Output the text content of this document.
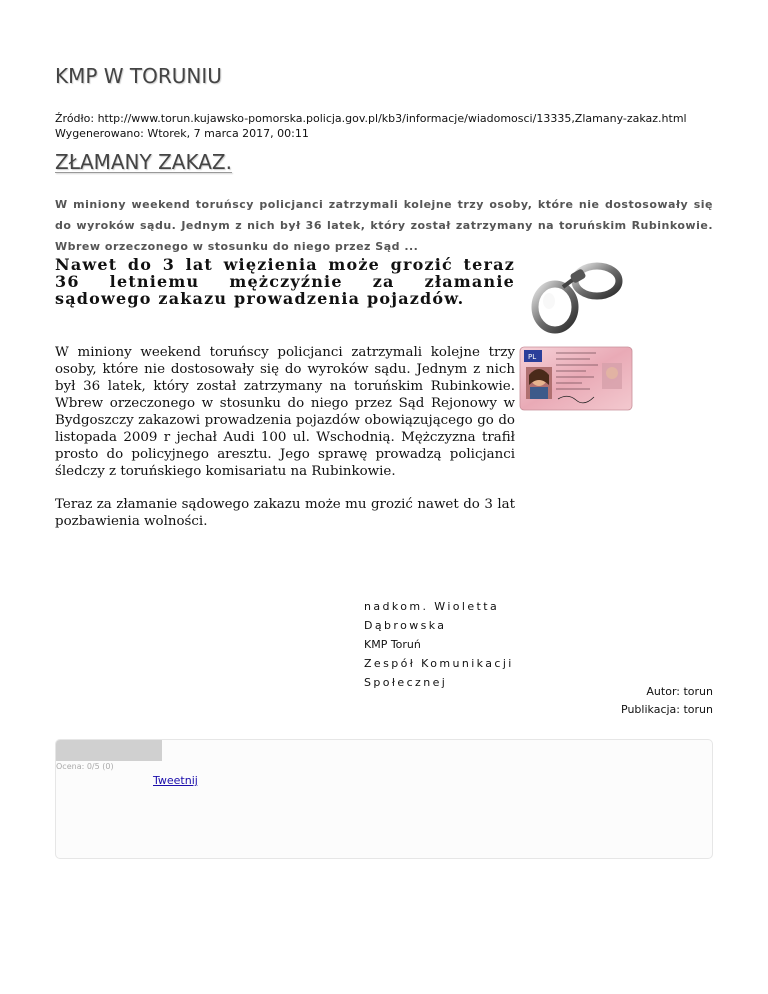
KMP W TORUNIU
Źródło: http://www.torun.kujawsko-pomorska.policja.gov.pl/kb3/informacje/wiadomosci/13335,Zlamany-zakaz.html
Wygenerowano: Wtorek, 7 marca 2017, 00:11
ZŁAMANY ZAKAZ.
W miniony weekend toruńscy policjanci zatrzymali kolejne trzy osoby, które nie dostosowały się do wyroków sądu. Jednym z nich był 36 latek, który został zatrzymany na toruńskim Rubinkowie. Wbrew orzeczonego w stosunku do niego przez Sąd ...
Nawet do 3 lat więzienia może grozić teraz 36 letniemu mężczyźnie za złamanie sądowego zakazu prowadzenia pojazdów.
PL

W miniony weekend toruńscy policjanci zatrzymali kolejne trzy osoby, które nie dostosowały się do wyroków sądu. Jednym z nich był 36 latek, który został zatrzymany na toruńskim Rubinkowie. Wbrew orzeczonego w stosunku do niego przez Sąd Rejonowy w Bydgoszczy zakazowi prowadzenia pojazdów obowiązującego go do listopada 2009 r jechał Audi 100 ul. Wschodnią. Mężczyzna trafił prosto do policyjnego aresztu. Jego sprawę prowadzą policjanci śledczy z toruńskiego komisariatu na Rubinkowie.

Teraz za złamanie sądowego zakazu może mu grozić nawet do 3 lat pozbawienia wolności.

nadkom. Wioletta
Dąbrowska
KMP Toruń
Zespół Komunikacji
Społecznej
Autor: torun
Publikacja: torun
Ocena: 0/5 (0)
Tweetnij
